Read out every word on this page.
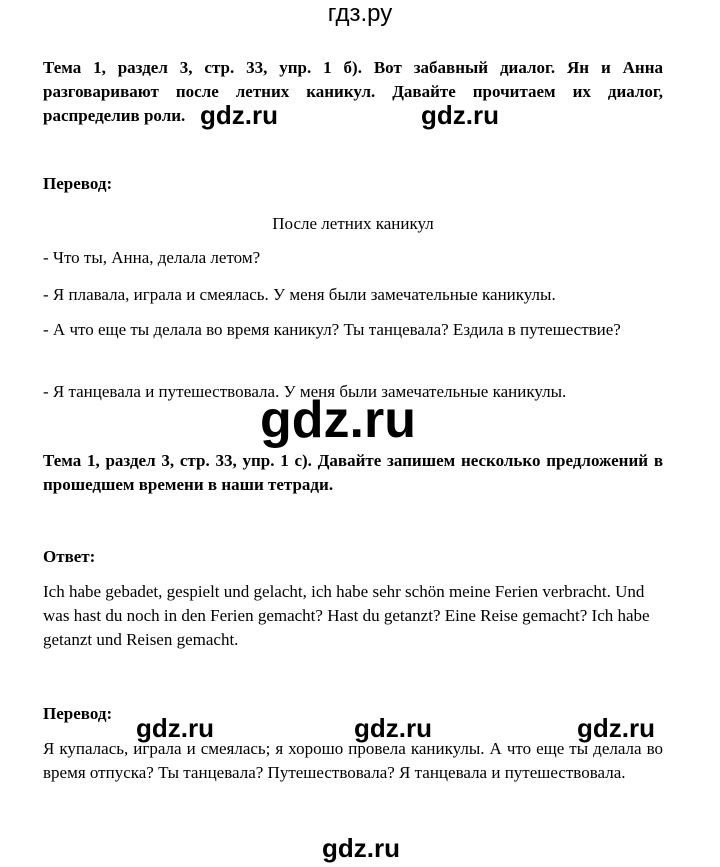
гдз.ру
Тема 1, раздел 3, стр. 33, упр. 1 б). Вот забавный диалог. Ян и Анна разговаривают после летних каникул. Давайте прочитаем их диалог, распределив роли.
Перевод:
После летних каникул
- Что ты, Анна, делала летом?
- Я плавала, играла и смеялась. У меня были замечательные каникулы.
- А что еще ты делала во время каникул? Ты танцевала? Ездила в путешествие?
- Я танцевала и путешествовала. У меня были замечательные каникулы.
Тема 1, раздел 3, стр. 33, упр. 1 с). Давайте запишем несколько предложений в прошедшем времени в наши тетради.
Ответ:
Ich habe gebadet, gespielt und gelacht, ich habe sehr schön meine Ferien verbracht. Und was hast du noch in den Ferien gemacht? Hast du getanzt? Eine Reise gemacht? Ich habe getanzt und Reisen gemacht.
Перевод:
Я купалась, играла и смеялась; я хорошо провела каникулы. А что еще ты делала во время отпуска? Ты танцевала? Путешествовала? Я танцевала и путешествовала.
gdz.ru	gdz.ru
gdz.ru
gdz.ru	gdz.ru	gdz.ru
gdz.ru
